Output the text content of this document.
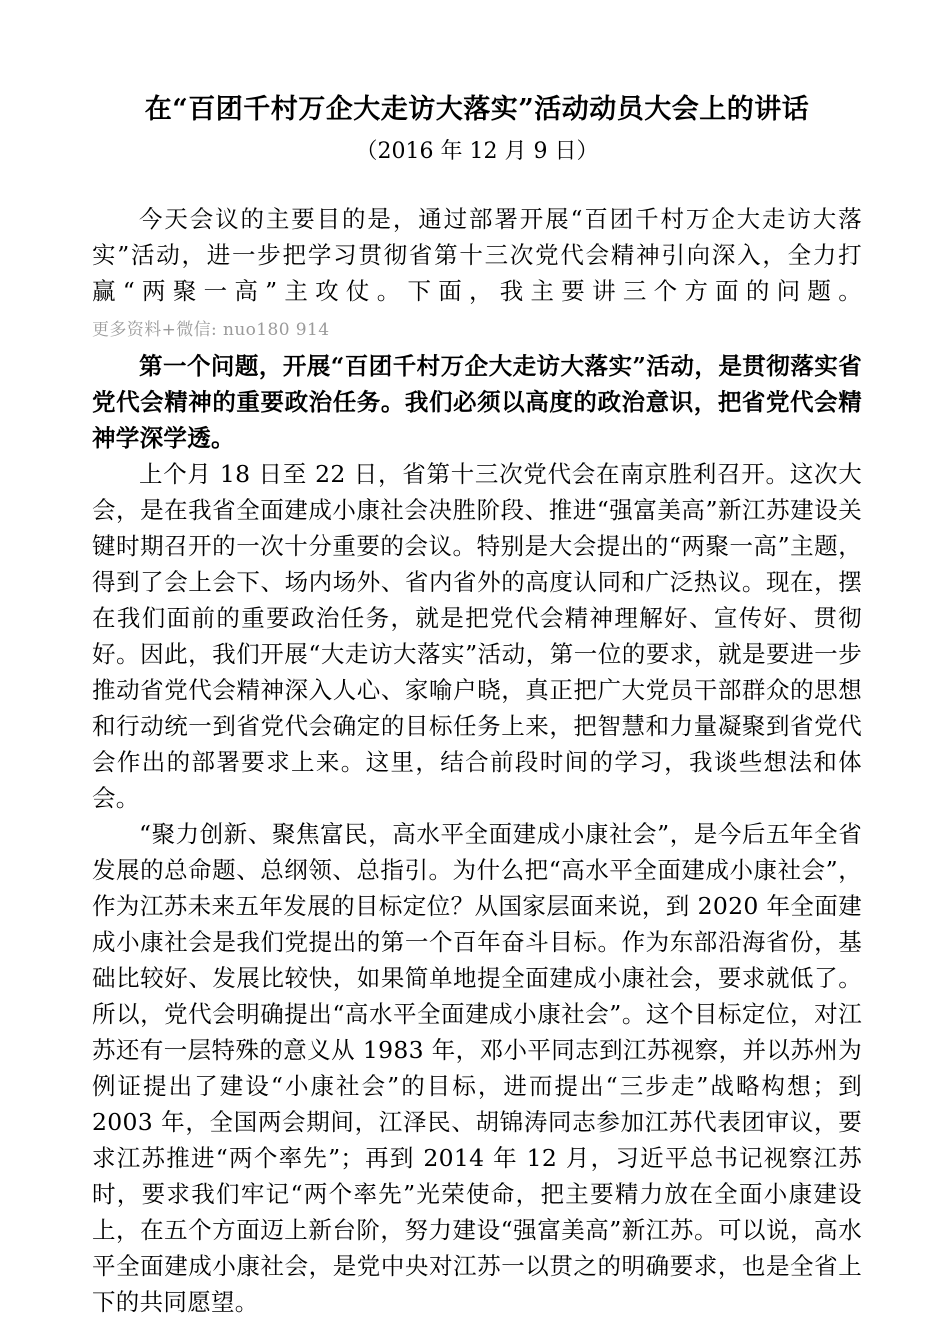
在“百团千村万企大走访大落实”活动动员大会上的讲话
（2016 年 12 月 9 日）

今天会议的主要目的是，通过部署开展“百团千村万企大走访大落实”活动，进一步把学习贯彻省第十三次党代会精神引向深入，全力打赢“两聚一高”主攻仗。下面，我主要讲三个方面的问题。更多资料+微信: nuo180 914

第一个问题，开展“百团千村万企大走访大落实”活动，是贯彻落实省党代会精神的重要政治任务。我们必须以高度的政治意识，把省党代会精神学深学透。

上个月 18 日至 22 日，省第十三次党代会在南京胜利召开。这次大会，是在我省全面建成小康社会决胜阶段、推进“强富美高”新江苏建设关键时期召开的一次十分重要的会议。特别是大会提出的“两聚一高”主题，得到了会上会下、场内场外、省内省外的高度认同和广泛热议。现在，摆在我们面前的重要政治任务，就是把党代会精神理解好、宣传好、贯彻好。因此，我们开展“大走访大落实”活动，第一位的要求，就是要进一步推动省党代会精神深入人心、家喻户晓，真正把广大党员干部群众的思想和行动统一到省党代会确定的目标任务上来，把智慧和力量凝聚到省党代会作出的部署要求上来。这里，结合前段时间的学习，我谈些想法和体会。

“聚力创新、聚焦富民，高水平全面建成小康社会”，是今后五年全省发展的总命题、总纲领、总指引。为什么把“高水平全面建成小康社会”，作为江苏未来五年发展的目标定位？从国家层面来说，到 2020 年全面建成小康社会是我们党提出的第一个百年奋斗目标。作为东部沿海省份，基础比较好、发展比较快，如果简单地提全面建成小康社会，要求就低了。所以，党代会明确提出“高水平全面建成小康社会”。这个目标定位，对江苏还有一层特殊的意义从 1983 年，邓小平同志到江苏视察，并以苏州为例证提出了建设“小康社会”的目标，进而提出“三步走”战略构想；到 2003 年，全国两会期间，江泽民、胡锦涛同志参加江苏代表团审议，要求江苏推进“两个率先”；再到 2014 年 12 月，习近平总书记视察江苏时，要求我们牢记“两个率先”光荣使命，把主要精力放在全面小康建设上，在五个方面迈上新台阶，努力建设“强富美高”新江苏。可以说，高水平全面建成小康社会，是党中央对江苏一以贯之的明确要求，也是全省上下的共同愿望。
